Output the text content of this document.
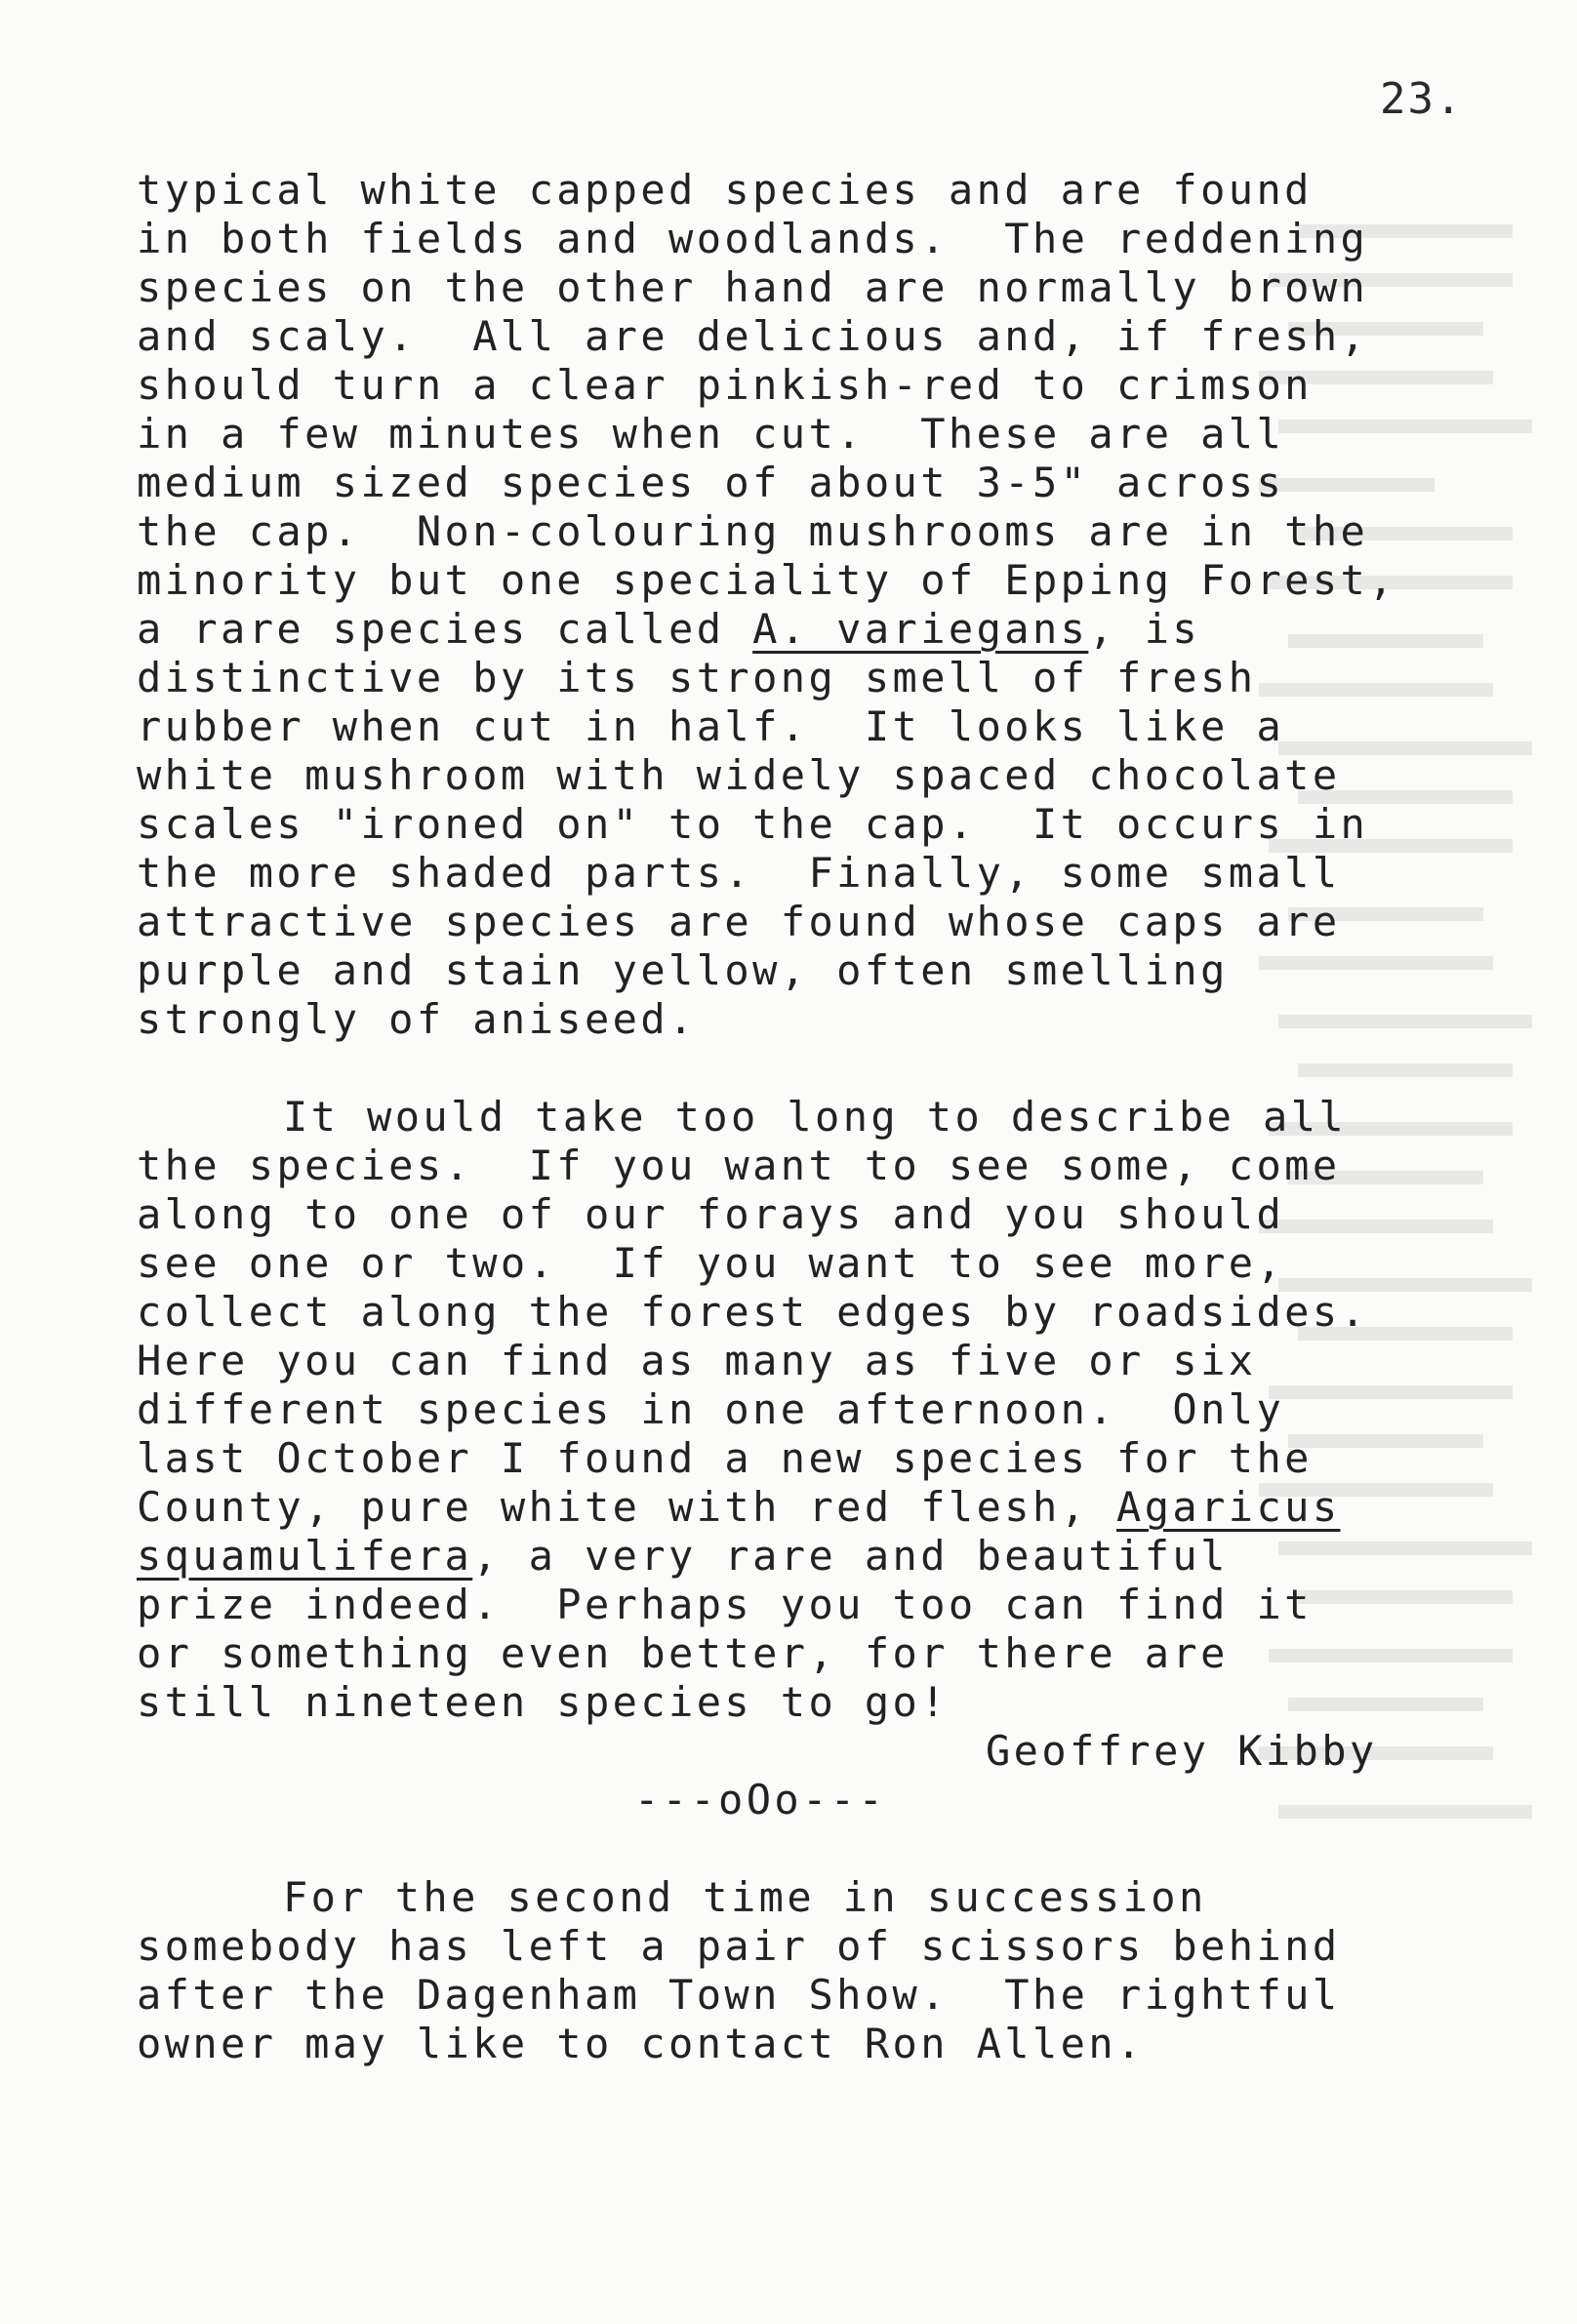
23.
typical white capped species and are found
in both fields and woodlands.  The reddening
species on the other hand are normally brown
and scaly.  All are delicious and, if fresh,
should turn a clear pinkish-red to crimson
in a few minutes when cut.  These are all
medium sized species of about 3-5" across
the cap.  Non-colouring mushrooms are in the
minority but one speciality of Epping Forest,
a rare species called A. variegans, is
distinctive by its strong smell of fresh
rubber when cut in half.  It looks like a
white mushroom with widely spaced chocolate
scales "ironed on" to the cap.  It occurs in
the more shaded parts.  Finally, some small
attractive species are found whose caps are
purple and stain yellow, often smelling
strongly of aniseed.
It would take too long to describe all
the species.  If you want to see some, come
along to one of our forays and you should
see one or two.  If you want to see more,
collect along the forest edges by roadsides.
Here you can find as many as five or six
different species in one afternoon.  Only
last October I found a new species for the
County, pure white with red flesh, Agaricus
squamulifera, a very rare and beautiful
prize indeed.  Perhaps you too can find it
or something even better, for there are
still nineteen species to go!
Geoffrey Kibby
---oOo---
For the second time in succession
somebody has left a pair of scissors behind
after the Dagenham Town Show.  The rightful
owner may like to contact Ron Allen.
